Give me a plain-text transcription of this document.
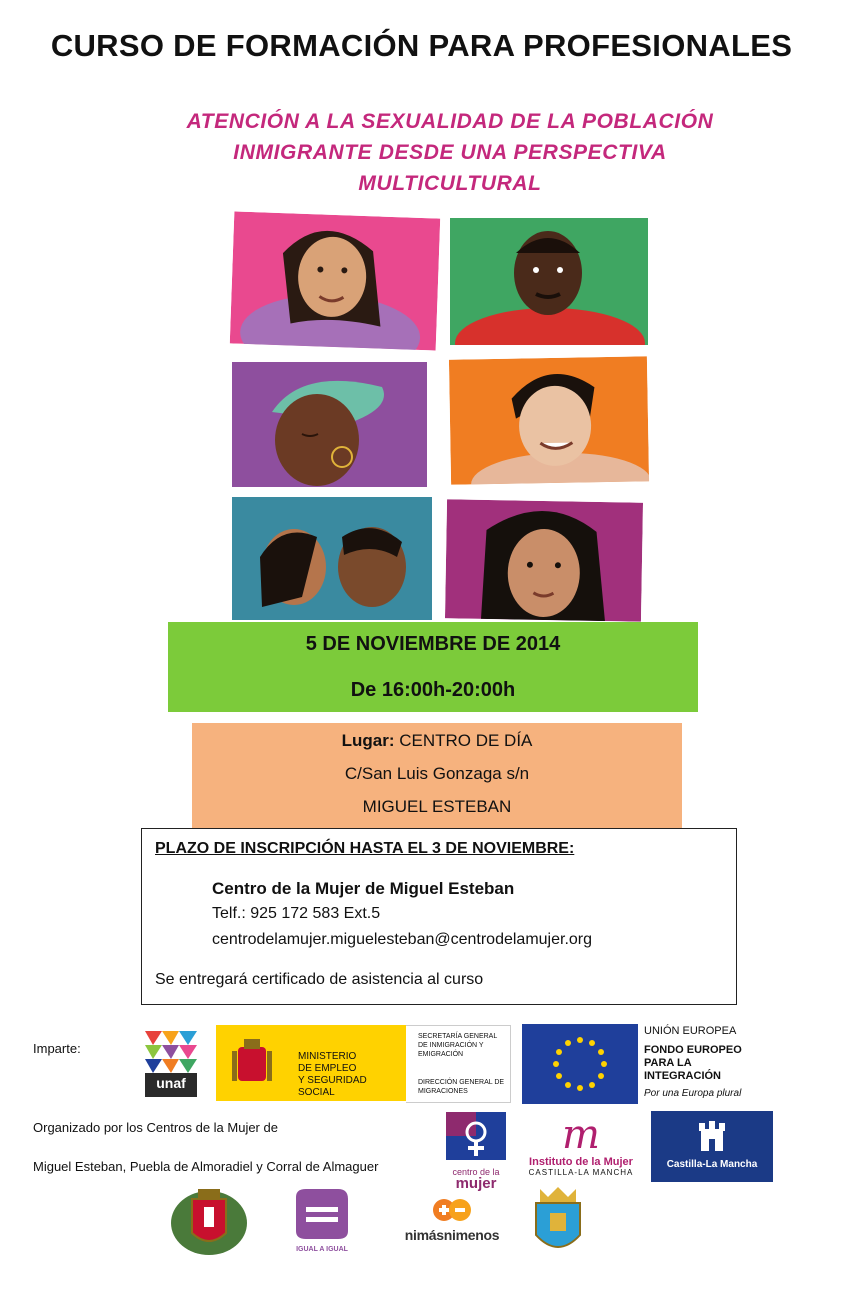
CURSO DE FORMACIÓN PARA PROFESIONALES
ATENCIÓN A LA SEXUALIDAD DE LA POBLACIÓN
INMIGRANTE DESDE UNA PERSPECTIVA
MULTICULTURAL
5 DE NOVIEMBRE DE 2014
De 16:00h-20:00h
Lugar: CENTRO DE DÍA
C/San Luis Gonzaga s/n
MIGUEL ESTEBAN
PLAZO DE INSCRIPCIÓN HASTA EL 3 DE NOVIEMBRE:
Centro de la Mujer de Miguel Esteban
Telf.: 925 172 583 Ext.5
centrodelamujer.miguelesteban@centrodelamujer.org
Se entregará certificado de asistencia al curso
Imparte:
unaf
MINISTERIO
DE EMPLEO
Y SEGURIDAD SOCIAL
SECRETARÍA GENERAL
DE INMIGRACIÓN Y
EMIGRACIÓN
DIRECCIÓN GENERAL DE
MIGRACIONES
UNIÓN EUROPEA
FONDO EUROPEO
PARA LA
INTEGRACIÓN
Por una Europa plural
Organizado por los Centros de la Mujer de
Miguel Esteban, Puebla de Almoradiel y Corral de Almaguer	centro de la
mujer
m
Instituto de la Mujer
CASTILLA-LA MANCHA
Castilla-La Mancha
IGUAL A IGUAL
nimásnimenos
